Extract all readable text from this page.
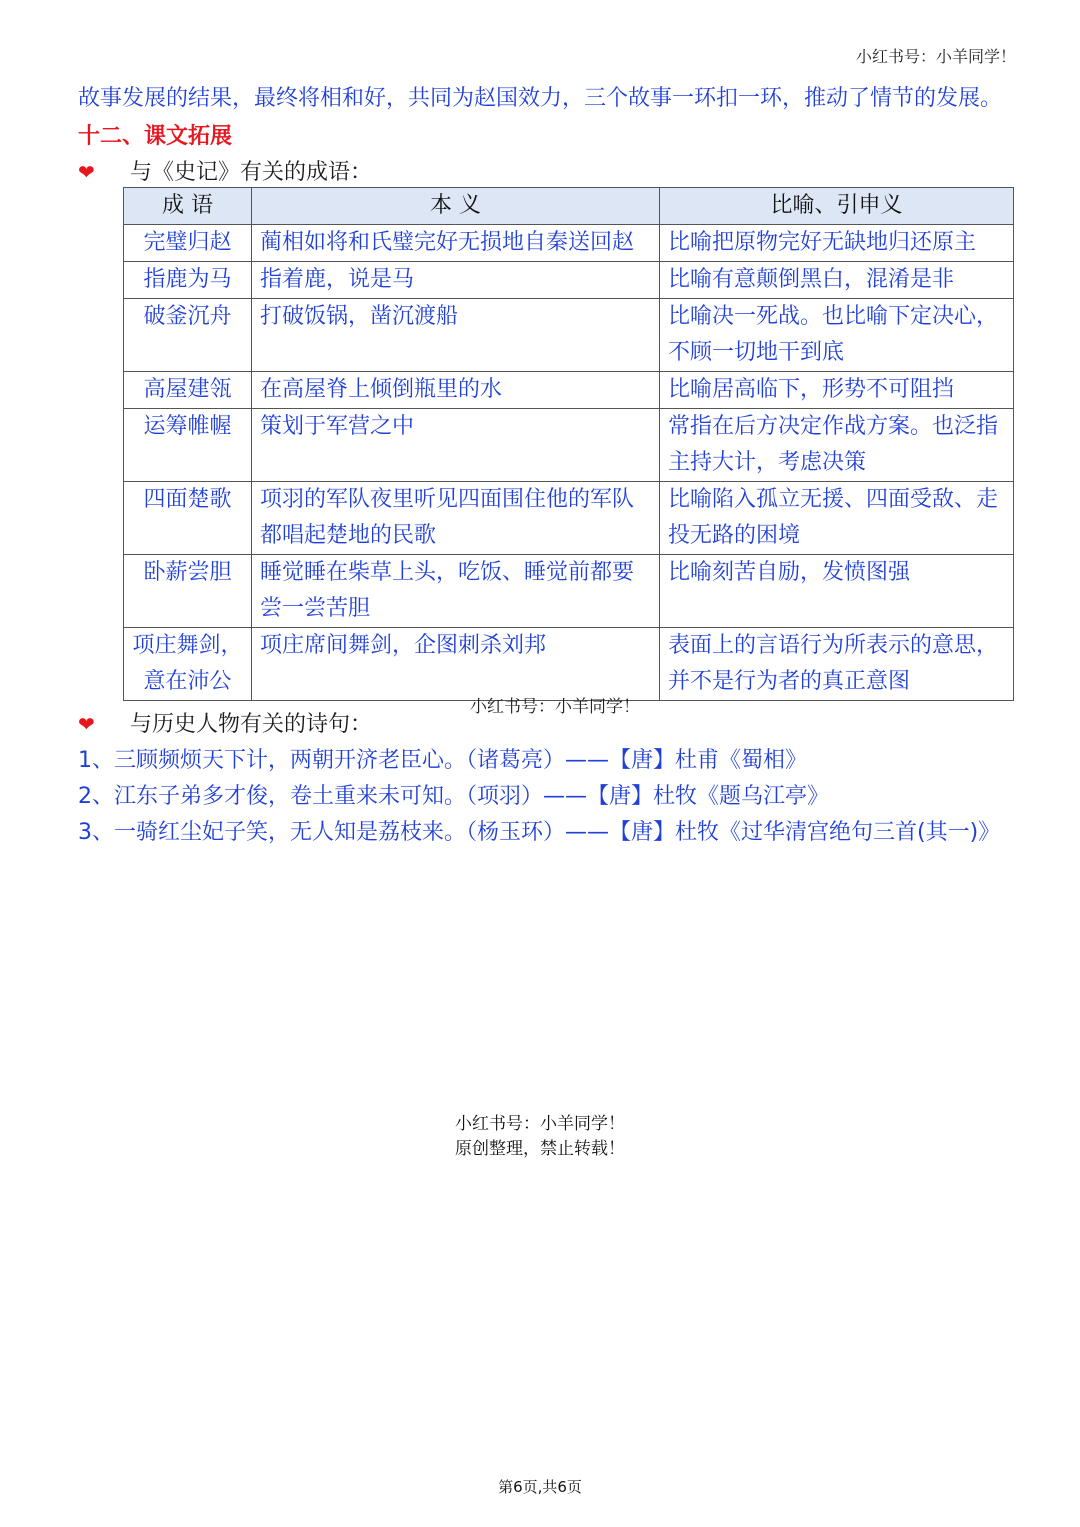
小红书号：小羊同学！
故事发展的结果，最终将相和好，共同为赵国效力，三个故事一环扣一环，推动了情节的发展。
十二、课文拓展
❤ 与《史记》有关的成语：
成 语	本 义	比喻、引申义
完璧归赵	蔺相如将和氏璧完好无损地自秦送回赵	比喻把原物完好无缺地归还原主
指鹿为马	指着鹿，说是马	比喻有意颠倒黑白，混淆是非
破釜沉舟	打破饭锅，凿沉渡船	比喻决一死战。也比喻下定决心，不顾一切地干到底
高屋建瓴	在高屋脊上倾倒瓶里的水	比喻居高临下，形势不可阻挡
运筹帷幄	策划于军营之中	常指在后方决定作战方案。也泛指主持大计，考虑决策
四面楚歌	项羽的军队夜里听见四面围住他的军队都唱起楚地的民歌	比喻陷入孤立无援、四面受敌、走投无路的困境
卧薪尝胆	睡觉睡在柴草上头，吃饭、睡觉前都要尝一尝苦胆	比喻刻苦自励，发愤图强
项庄舞剑，意在沛公	项庄席间舞剑，企图刺杀刘邦	表面上的言语行为所表示的意思，并不是行为者的真正意图
小红书号：小羊同学！
❤ 与历史人物有关的诗句：
1、三顾频烦天下计，两朝开济老臣心。（诸葛亮）——【唐】杜甫《蜀相》
2、江东子弟多才俊，卷土重来未可知。（项羽）——【唐】杜牧《题乌江亭》
3、一骑红尘妃子笑，无人知是荔枝来。（杨玉环）——【唐】杜牧《过华清宫绝句三首(其一)》
小红书号：小羊同学！
原创整理，禁止转载！
第6页,共6页
